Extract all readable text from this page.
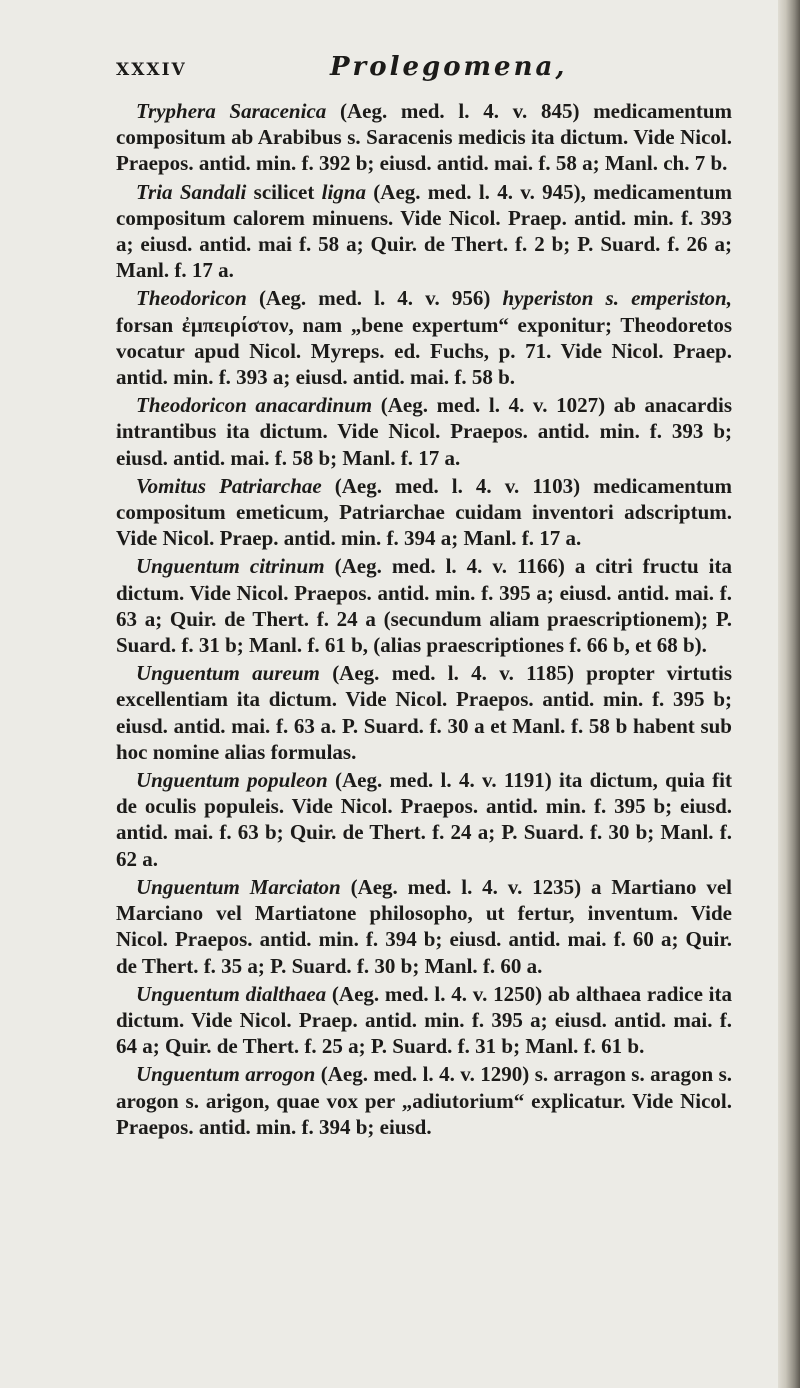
XXXIV	Prolegomena,

Tryphera Saracenica (Aeg. med. l. 4. v. 845) medicamentum compositum ab Arabibus s. Saracenis medicis ita dictum. Vide Nicol. Praepos. antid. min. f. 392 b; eiusd. antid. mai. f. 58 a; Manl. ch. 7 b.

Tria Sandali scilicet ligna (Aeg. med. l. 4. v. 945), medicamentum compositum calorem minuens. Vide Nicol. Praep. antid. min. f. 393 a; eiusd. antid. mai f. 58 a; Quir. de Thert. f. 2 b; P. Suard. f. 26 a; Manl. f. 17 a.

Theodoricon (Aeg. med. l. 4. v. 956) hyperiston s. emperiston, forsan ἐμπειρίστον, nam „bene expertum“ exponitur; Theodoretos vocatur apud Nicol. Myreps. ed. Fuchs, p. 71. Vide Nicol. Praep. antid. min. f. 393 a; eiusd. antid. mai. f. 58 b.

Theodoricon anacardinum (Aeg. med. l. 4. v. 1027) ab anacardis intrantibus ita dictum. Vide Nicol. Praepos. antid. min. f. 393 b; eiusd. antid. mai. f. 58 b; Manl. f. 17 a.

Vomitus Patriarchae (Aeg. med. l. 4. v. 1103) medicamentum compositum emeticum, Patriarchae cuidam inventori adscriptum. Vide Nicol. Praep. antid. min. f. 394 a; Manl. f. 17 a.

Unguentum citrinum (Aeg. med. l. 4. v. 1166) a citri fructu ita dictum. Vide Nicol. Praepos. antid. min. f. 395 a; eiusd. antid. mai. f. 63 a; Quir. de Thert. f. 24 a (secundum aliam praescriptionem); P. Suard. f. 31 b; Manl. f. 61 b, (alias praescriptiones f. 66 b, et 68 b).

Unguentum aureum (Aeg. med. l. 4. v. 1185) propter virtutis excellentiam ita dictum. Vide Nicol. Praepos. antid. min. f. 395 b; eiusd. antid. mai. f. 63 a. P. Suard. f. 30 a et Manl. f. 58 b habent sub hoc nomine alias formulas.

Unguentum populeon (Aeg. med. l. 4. v. 1191) ita dictum, quia fit de oculis populeis. Vide Nicol. Praepos. antid. min. f. 395 b; eiusd. antid. mai. f. 63 b; Quir. de Thert. f. 24 a; P. Suard. f. 30 b; Manl. f. 62 a.

Unguentum Marciaton (Aeg. med. l. 4. v. 1235) a Martiano vel Marciano vel Martiatone philosopho, ut fertur, inventum. Vide Nicol. Praepos. antid. min. f. 394 b; eiusd. antid. mai. f. 60 a; Quir. de Thert. f. 35 a; P. Suard. f. 30 b; Manl. f. 60 a.

Unguentum dialthaea (Aeg. med. l. 4. v. 1250) ab althaea radice ita dictum. Vide Nicol. Praep. antid. min. f. 395 a; eiusd. antid. mai. f. 64 a; Quir. de Thert. f. 25 a; P. Suard. f. 31 b; Manl. f. 61 b.

Unguentum arrogon (Aeg. med. l. 4. v. 1290) s. arragon s. aragon s. arogon s. arigon, quae vox per „adiutorium“ explicatur. Vide Nicol. Praepos. antid. min. f. 394 b; eiusd.
